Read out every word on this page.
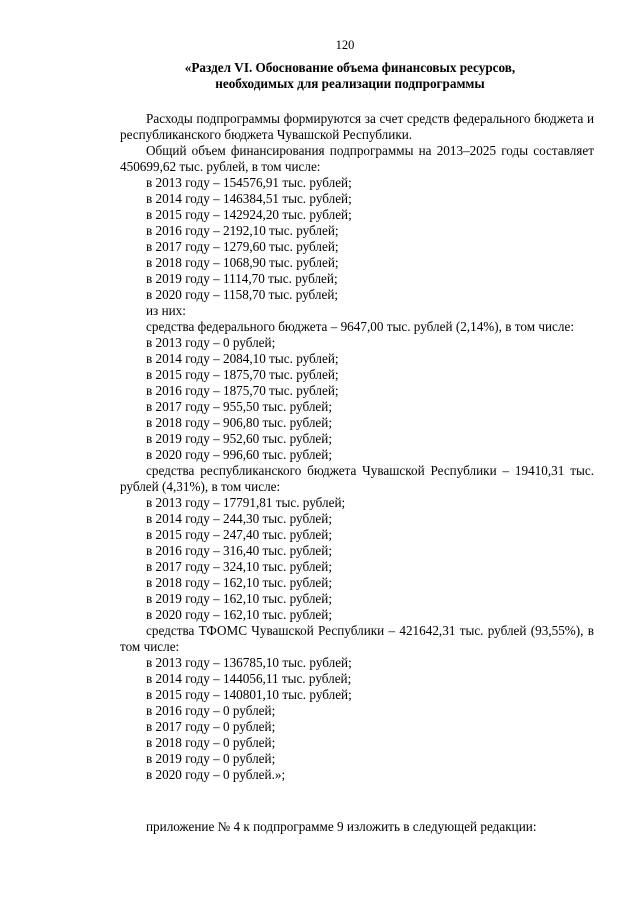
120
«Раздел VI. Обоснование объема финансовых ресурсов,
необходимых для реализации подпрограммы

Расходы подпрограммы формируются за счет средств федерального бюджета и республиканского бюджета Чувашской Республики.

Общий объем финансирования подпрограммы на 2013–2025 годы составляет 450699,62 тыс. рублей, в том числе:

в 2013 году – 154576,91 тыс. рублей;

в 2014 году – 146384,51 тыс. рублей;

в 2015 году – 142924,20 тыс. рублей;

в 2016 году – 2192,10 тыс. рублей;

в 2017 году – 1279,60 тыс. рублей;

в 2018 году – 1068,90 тыс. рублей;

в 2019 году – 1114,70 тыс. рублей;

в 2020 году – 1158,70 тыс. рублей;

из них:

средства федерального бюджета – 9647,00 тыс. рублей (2,14%), в том числе:

в 2013 году – 0 рублей;

в 2014 году – 2084,10 тыс. рублей;

в 2015 году – 1875,70 тыс. рублей;

в 2016 году – 1875,70 тыс. рублей;

в 2017 году – 955,50 тыс. рублей;

в 2018 году – 906,80 тыс. рублей;

в 2019 году – 952,60 тыс. рублей;

в 2020 году – 996,60 тыс. рублей;

средства республиканского бюджета Чувашской Республики – 19410,31 тыс. рублей (4,31%), в том числе:

в 2013 году – 17791,81 тыс. рублей;

в 2014 году – 244,30 тыс. рублей;

в 2015 году – 247,40 тыс. рублей;

в 2016 году – 316,40 тыс. рублей;

в 2017 году – 324,10 тыс. рублей;

в 2018 году – 162,10 тыс. рублей;

в 2019 году – 162,10 тыс. рублей;

в 2020 году – 162,10 тыс. рублей;

средства ТФОМС Чувашской Республики – 421642,31 тыс. рублей (93,55%), в том числе:

в 2013 году – 136785,10 тыс. рублей;

в 2014 году – 144056,11 тыс. рублей;

в 2015 году – 140801,10 тыс. рублей;

в 2016 году – 0 рублей;

в 2017 году – 0 рублей;

в 2018 году – 0 рублей;

в 2019 году – 0 рублей;

в 2020 году – 0 рублей.»;

приложение № 4 к подпрограмме 9 изложить в следующей редакции:
